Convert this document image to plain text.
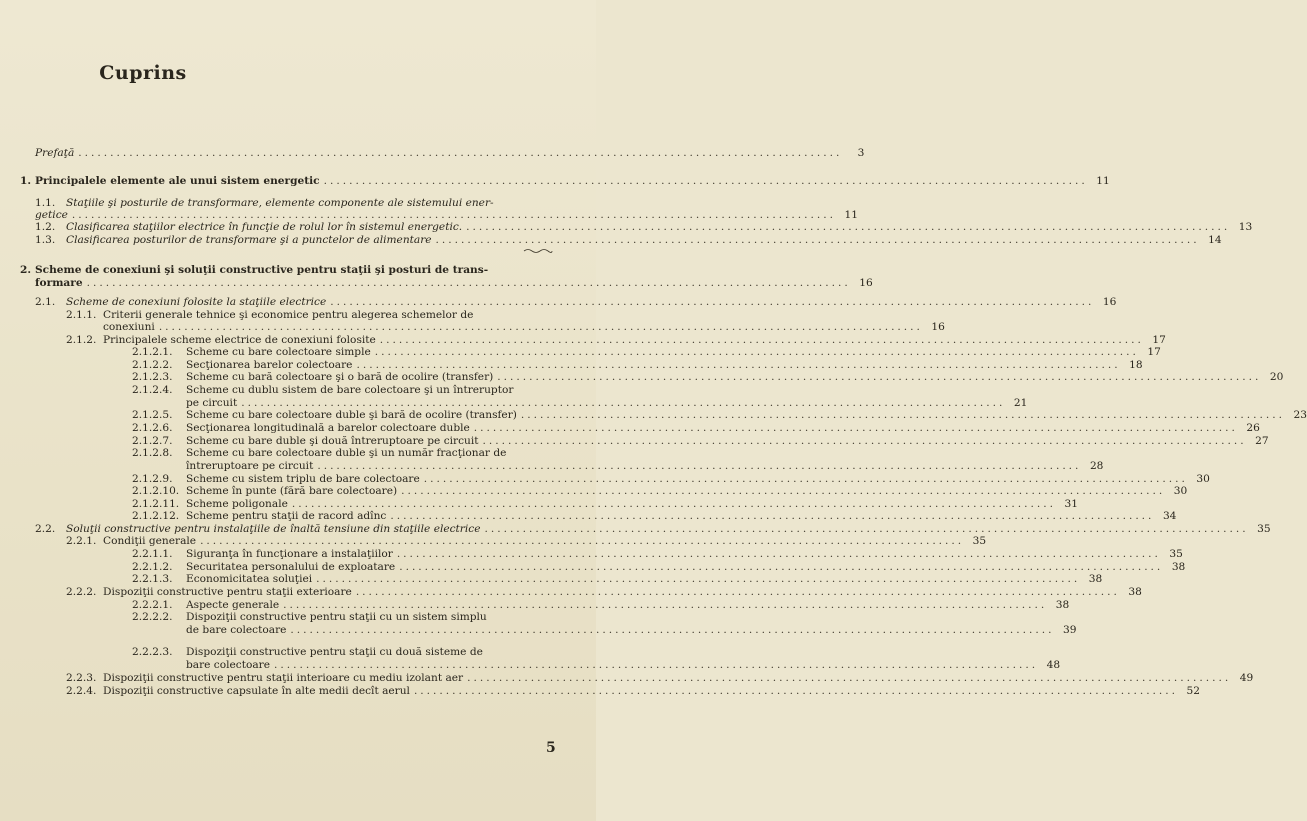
Cuprins
Prefaţă ........................................................................................................................	3
1. Principalele elemente ale unui sistem energetic ........................................................................................................................ 11
1.1.	Staţiile şi posturile de transformare, elemente componente ale sistemului ener-
getice ........................................................................................................................ 11
1.2.	Clasificarea staţiilor electrice în funcţie de rolul lor în sistemul energetic. ........................................................................................................................ 13
1.3.	Clasificarea posturilor de transformare şi a punctelor de alimentare ........................................................................................................................ 14
2. Scheme de conexiuni şi soluţii constructive pentru staţii şi posturi de trans-
formare ........................................................................................................................ 16
2.1.	Scheme de conexiuni folosite la staţiile electrice ........................................................................................................................ 16
2.1.1. Criterii generale tehnice şi economice pentru alegerea schemelor de
conexiuni ........................................................................................................................ 16
2.1.2. Principalele scheme electrice de conexiuni folosite ........................................................................................................................ 17
2.1.2.1.	Scheme cu bare colectoare simple ........................................................................................................................ 17
2.1.2.2.	Secţionarea barelor colectoare ........................................................................................................................ 18
2.1.2.3.	Scheme cu bară colectoare şi o bară de ocolire (transfer) ........................................................................................................................ 20
2.1.2.4.	Scheme cu dublu sistem de bare colectoare şi un întreruptor
pe circuit ........................................................................................................................ 21
2.1.2.5.	Scheme cu bare colectoare duble şi bară de ocolire (transfer) ........................................................................................................................ 23
2.1.2.6.	Secţionarea longitudinală a barelor colectoare duble ........................................................................................................................ 26
2.1.2.7.	Scheme cu bare duble şi două întreruptoare pe circuit ........................................................................................................................ 27
2.1.2.8.	Scheme cu bare colectoare duble şi un număr fracţionar de
întreruptoare pe circuit ........................................................................................................................ 28
2.1.2.9.	Scheme cu sistem triplu de bare colectoare ........................................................................................................................ 30
2.1.2.10. Scheme în punte (fără bare colectoare) ........................................................................................................................ 30
2.1.2.11. Scheme poligonale ........................................................................................................................ 31
2.1.2.12. Scheme pentru staţii de racord adînc ........................................................................................................................ 34
2.2.	Soluţii constructive pentru instalaţiile de înaltă tensiune din staţiile electrice ........................................................................................................................ 35
2.2.1. Condiţii generale ........................................................................................................................ 35
2.2.1.1.	Siguranţa în funcţionare a instalaţiilor ........................................................................................................................ 35
2.2.1.2.	Securitatea personalului de exploatare ........................................................................................................................ 38
2.2.1.3.	Economicitatea soluţiei ........................................................................................................................ 38
2.2.2. Dispoziţii constructive pentru staţii exterioare ........................................................................................................................ 38
2.2.2.1.	Aspecte generale ........................................................................................................................ 38
2.2.2.2.	Dispoziţii constructive pentru staţii cu un sistem simplu
de bare colectoare ........................................................................................................................ 39
2.2.2.3.	Dispoziţii constructive pentru staţii cu două sisteme de
bare colectoare ........................................................................................................................ 48
2.2.3. Dispoziţii constructive pentru staţii interioare cu mediu izolant aer ........................................................................................................................ 49
2.2.4. Dispoziţii constructive capsulate în alte medii decît aerul ........................................................................................................................ 52
5
